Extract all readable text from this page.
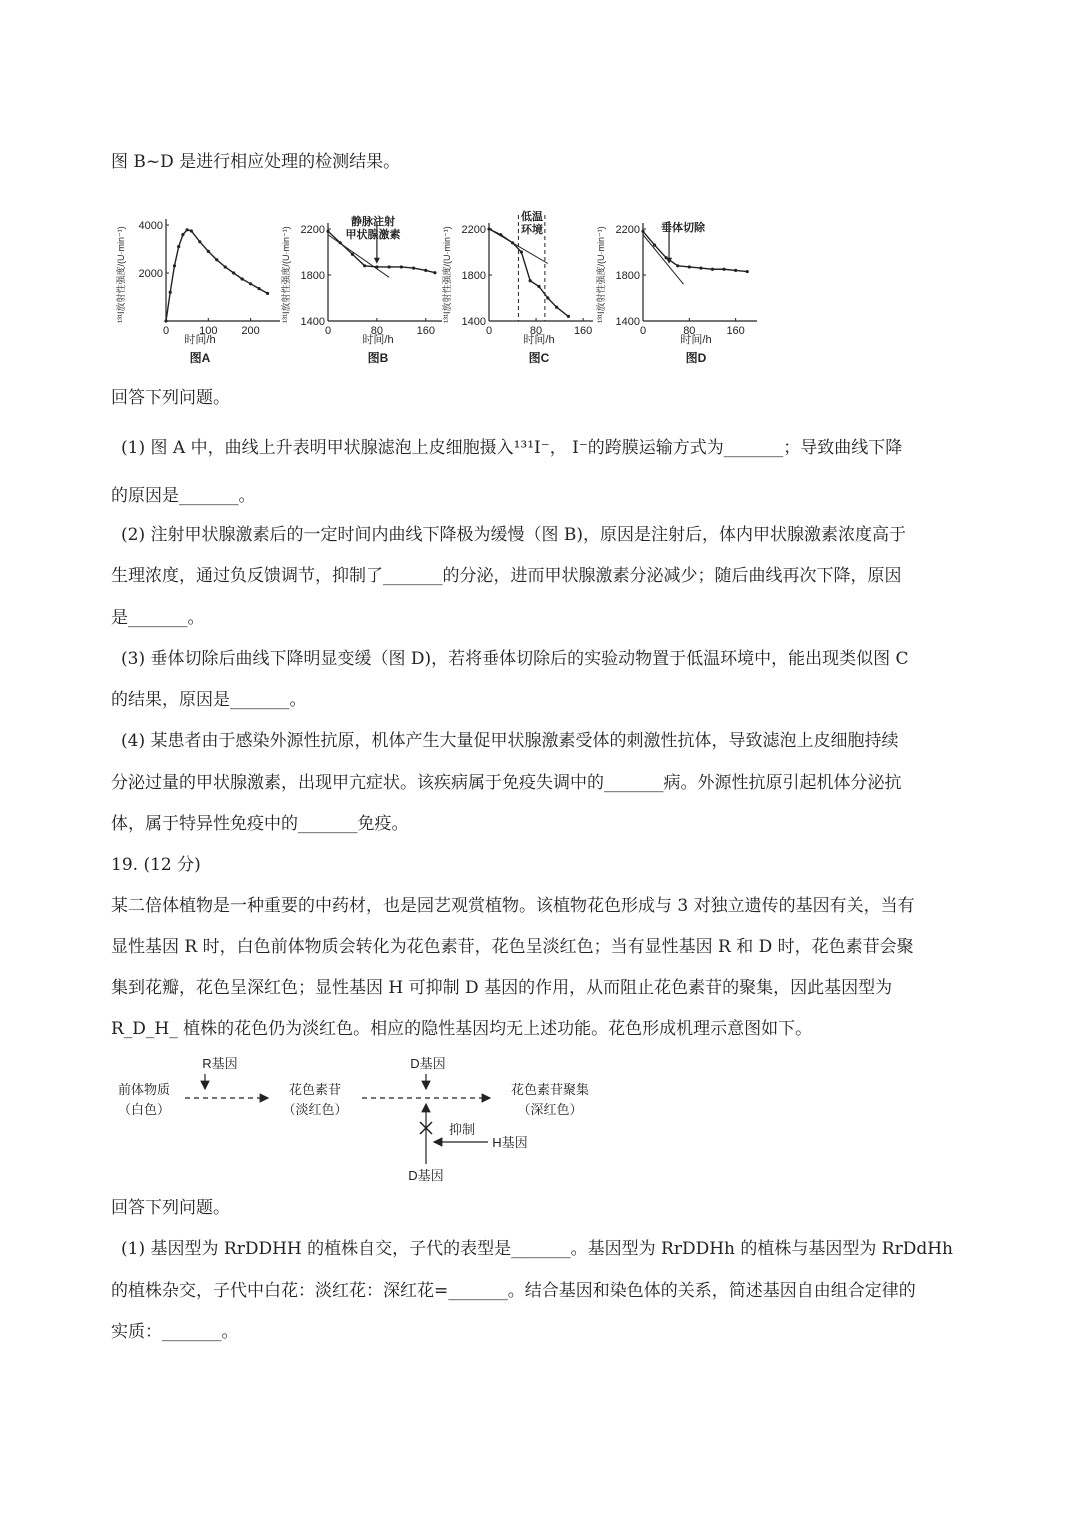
图 B~D 是进行相应处理的检测结果。
¹³¹I放射性强度/(U·min⁻¹)
0	100 200
2000
4000
时间/h
图A
¹³¹I放射性强度/(U·min⁻¹)
0	80	160
1400
1800
2200
静脉注射
甲状腺激素
时间/h
图B
¹³¹I放射性强度/(U·min⁻¹)
0	80	160
1400
1800
2200
低温
环境
时间/h
图C
¹³¹I放射性强度/(U·min⁻¹)
0	80	160
1400
1800
2200 垂体切除
时间/h
图D
回答下列问题。
(1) 图 A 中，曲线上升表明甲状腺滤泡上皮细胞摄入¹³¹I⁻， I⁻的跨膜运输方式为_______；导致曲线下降
的原因是_______。
(2) 注射甲状腺激素后的一定时间内曲线下降极为缓慢（图 B)，原因是注射后，体内甲状腺激素浓度高于
生理浓度，通过负反馈调节，抑制了_______的分泌，进而甲状腺激素分泌减少；随后曲线再次下降，原因
是_______。
(3) 垂体切除后曲线下降明显变缓（图 D)，若将垂体切除后的实验动物置于低温环境中，能出现类似图 C
的结果，原因是_______。
(4) 某患者由于感染外源性抗原，机体产生大量促甲状腺激素受体的刺激性抗体，导致滤泡上皮细胞持续
分泌过量的甲状腺激素，出现甲亢症状。该疾病属于免疫失调中的_______病。外源性抗原引起机体分泌抗
体，属于特异性免疫中的_______免疫。
19. (12 分)
某二倍体植物是一种重要的中药材，也是园艺观赏植物。该植物花色形成与 3 对独立遗传的基因有关，当有
显性基因 R 时，白色前体物质会转化为花色素苷，花色呈淡红色；当有显性基因 R 和 D 时，花色素苷会聚
集到花瓣，花色呈深红色；显性基因 H 可抑制 D 基因的作用，从而阻止花色素苷的聚集，因此基因型为
R_D_H_ 植株的花色仍为淡红色。相应的隐性基因均无上述功能。花色形成机理示意图如下。
前体物质
（白色）
R基因
花色素苷
（淡红色）
D基因
花色素苷聚集
（深红色）
抑制
H基因
D基因
回答下列问题。
(1) 基因型为 RrDDHH 的植株自交，子代的表型是_______。基因型为 RrDDHh 的植株与基因型为 RrDdHh
的植株杂交，子代中白花：淡红花：深红花=_______。结合基因和染色体的关系，简述基因自由组合定律的
实质：_______。
